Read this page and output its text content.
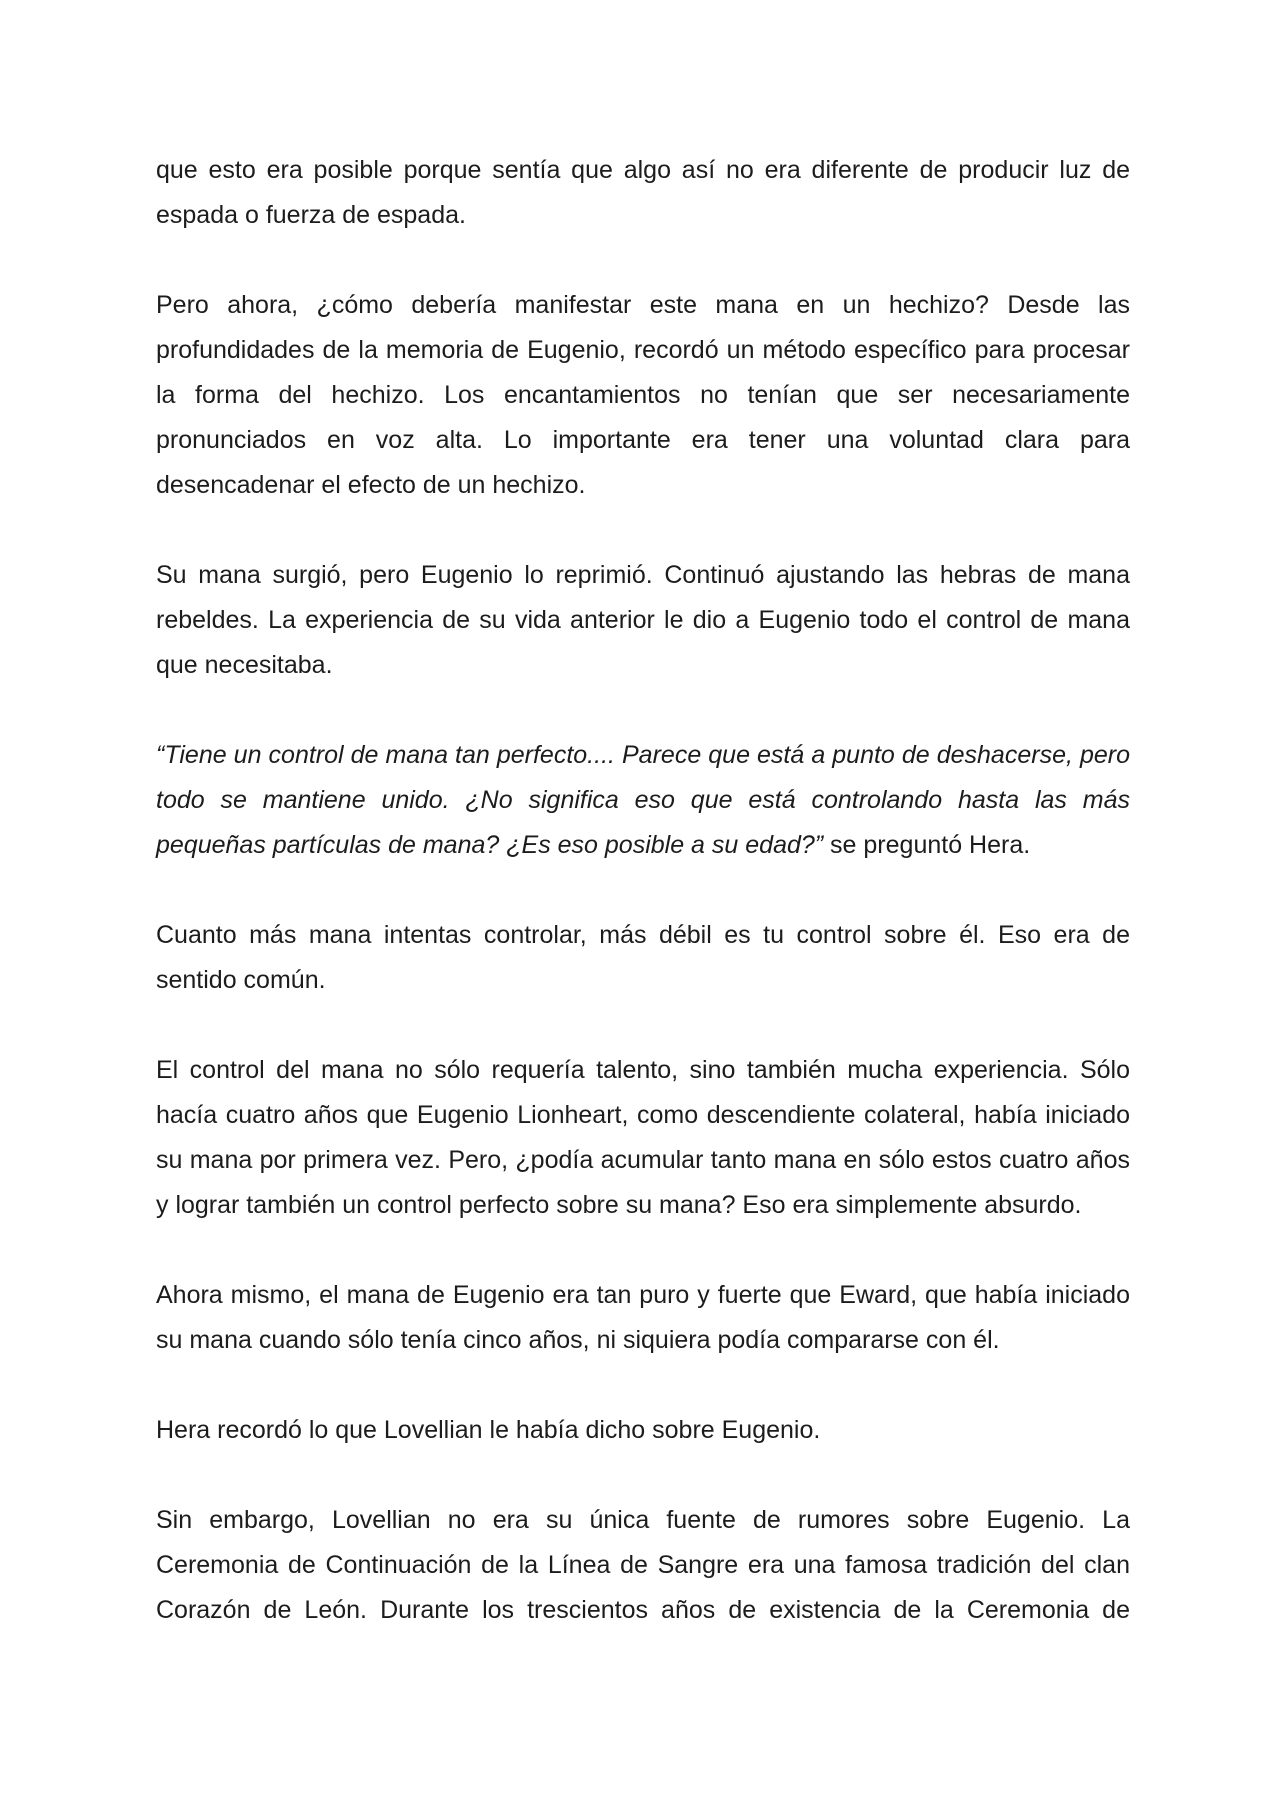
que esto era posible porque sentía que algo así no era diferente de producir luz de espada o fuerza de espada.

Pero ahora, ¿cómo debería manifestar este mana en un hechizo? Desde las profundidades de la memoria de Eugenio, recordó un método específico para procesar la forma del hechizo. Los encantamientos no tenían que ser necesariamente pronunciados en voz alta. Lo importante era tener una voluntad clara para desencadenar el efecto de un hechizo.

Su mana surgió, pero Eugenio lo reprimió. Continuó ajustando las hebras de mana rebeldes. La experiencia de su vida anterior le dio a Eugenio todo el control de mana que necesitaba.

“Tiene un control de mana tan perfecto.... Parece que está a punto de deshacerse, pero todo se mantiene unido. ¿No significa eso que está controlando hasta las más pequeñas partículas de mana? ¿Es eso posible a su edad?” se preguntó Hera.

Cuanto más mana intentas controlar, más débil es tu control sobre él. Eso era de sentido común.

El control del mana no sólo requería talento, sino también mucha experiencia. Sólo hacía cuatro años que Eugenio Lionheart, como descendiente colateral, había iniciado su mana por primera vez. Pero, ¿podía acumular tanto mana en sólo estos cuatro años y lograr también un control perfecto sobre su mana? Eso era simplemente absurdo.

Ahora mismo, el mana de Eugenio era tan puro y fuerte que Eward, que había iniciado su mana cuando sólo tenía cinco años, ni siquiera podía compararse con él.

Hera recordó lo que Lovellian le había dicho sobre Eugenio.

Sin embargo, Lovellian no era su única fuente de rumores sobre Eugenio. La Ceremonia de Continuación de la Línea de Sangre era una famosa tradición del clan Corazón de León. Durante los trescientos años de existencia de la Ceremonia de
